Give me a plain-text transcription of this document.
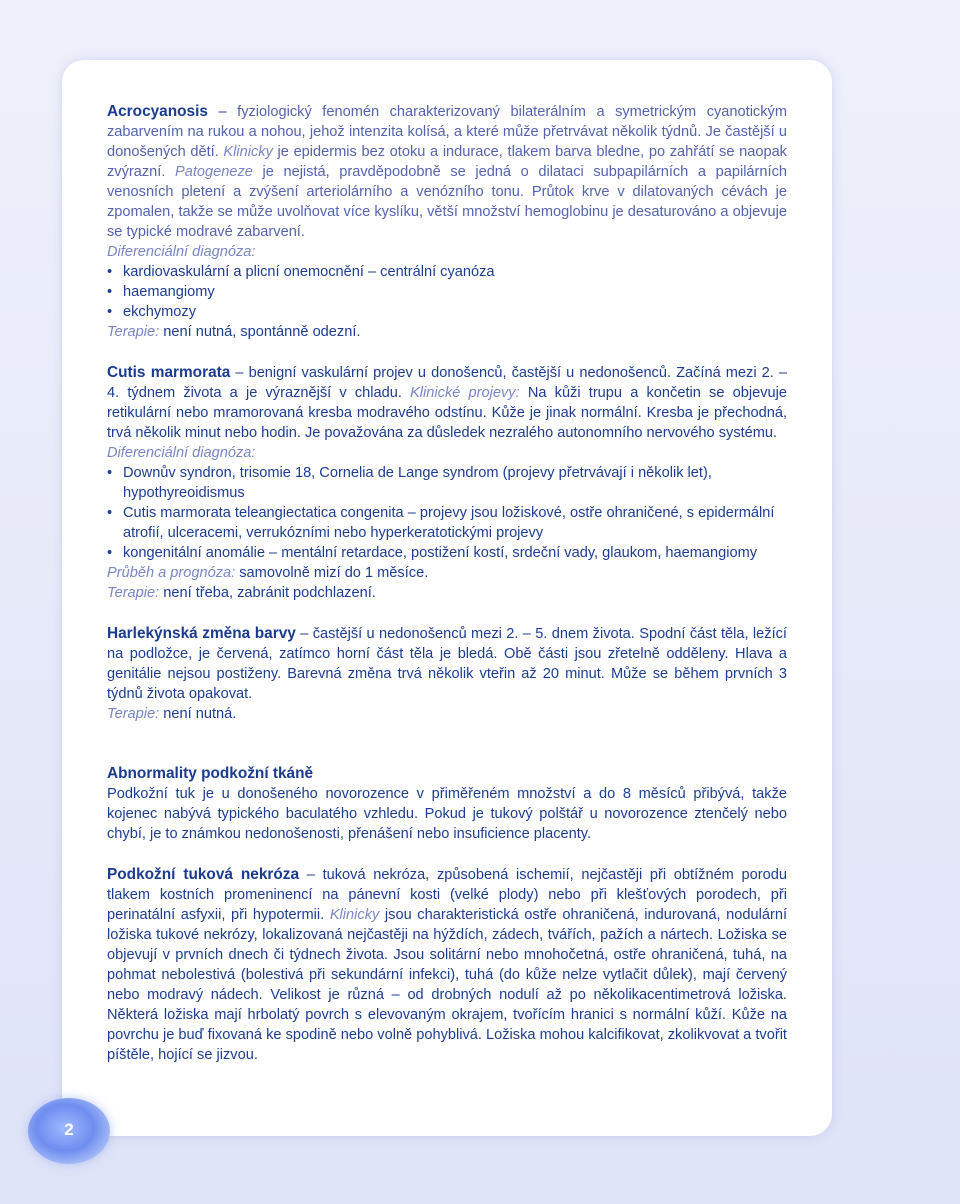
Acrocyanosis – fyziologický fenomén charakterizovaný bilaterálním a symetrickým cyanotickým zabarvením na rukou a nohou, jehož intenzita kolísá, a které může přetrvávat několik týdnů. Je častější u donošených dětí. Klinicky je epidermis bez otoku a indurace, tlakem barva bledne, po zahřátí se naopak zvýrazní. Patogeneze je nejistá, pravděpodobně se jedná o dilataci subpapilárních a papilárních venosních pletení a zvýšení arteriolárního a venózního tonu. Průtok krve v dilatovaných cévách je zpomalen, takže se může uvolňovat více kyslíku, větší množství hemoglobinu je desaturováno a objevuje se typické modravé zabarvení.

Diferenciální diagnóza:

• kardiovaskulární a plicní onemocnění – centrální cyanóza
• haemangiomy
• ekchymozy

Terapie: není nutná, spontánně odezní.

Cutis marmorata – benigní vaskulární projev u donošenců, častější u nedonošenců. Začíná mezi 2. – 4. týdnem života a je výraznější v chladu. Klinické projevy: Na kůži trupu a končetin se objevuje retikulární nebo mramorovaná kresba modravého odstínu. Kůže je jinak normální. Kresba je přechodná, trvá několik minut nebo hodin. Je považována za důsledek nezralého autonomního nervového systému.

Diferenciální diagnóza:

• Downův syndron, trisomie 18, Cornelia de Lange syndrom (projevy přetrvávají i několik let), hypothyreoidismus
• Cutis marmorata teleangiectatica congenita – projevy jsou ložiskové, ostře ohraničené, s epidermální atrofií, ulceracemi, verrukózními nebo hyperkeratotickými projevy
• kongenitální anomálie – mentální retardace, postižení kostí, srdeční vady, glaukom, haemangiomy

Průběh a prognóza: samovolně mizí do 1 měsíce.

Terapie: není třeba, zabránit podchlazení.

Harlekýnská změna barvy – častější u nedonošenců mezi 2. – 5. dnem života. Spodní část těla, ležící na podložce, je červená, zatímco horní část těla je bledá. Obě části jsou zřetelně odděleny. Hlava a genitálie nejsou postiženy. Barevná změna trvá několik vteřin až 20 minut. Může se během prvních 3 týdnů života opakovat.

Terapie: není nutná.

Abnormality podkožní tkáně

Podkožní tuk je u donošeného novorozence v přiměřeném množství a do 8 měsíců přibývá, takže kojenec nabývá typického baculatého vzhledu. Pokud je tukový polštář u novorozence ztenčelý nebo chybí, je to známkou nedonošenosti, přenášení nebo insuficience placenty.

Podkožní tuková nekróza – tuková nekróza, způsobená ischemií, nejčastěji při obtížném porodu tlakem kostních promeninencí na pánevní kosti (velké plody) nebo při klešťových porodech, při perinatální asfyxii, při hypotermii. Klinicky jsou charakteristická ostře ohraničená, indurovaná, nodulární ložiska tukové nekrózy, lokalizovaná nejčastěji na hýždích, zádech, tvářích, pažích a nártech. Ložiska se objevují v prvních dnech či týdnech života. Jsou solitární nebo mnohočetná, ostře ohraničená, tuhá, na pohmat nebolestivá (bolestivá při sekundární infekci), tuhá (do kůže nelze vytlačit důlek), mají červený nebo modravý nádech. Velikost je různá – od drobných nodulí až po několikacentimetrová ložiska. Některá ložiska mají hrbolatý povrch s elevovaným okrajem, tvořícím hranici s normální kůží. Kůže na povrchu je buď fixovaná ke spodině nebo volně pohyblivá. Ložiska mohou kalcifikovat, zkolikvovat a tvořit píštěle, hojící se jizvou.

2
